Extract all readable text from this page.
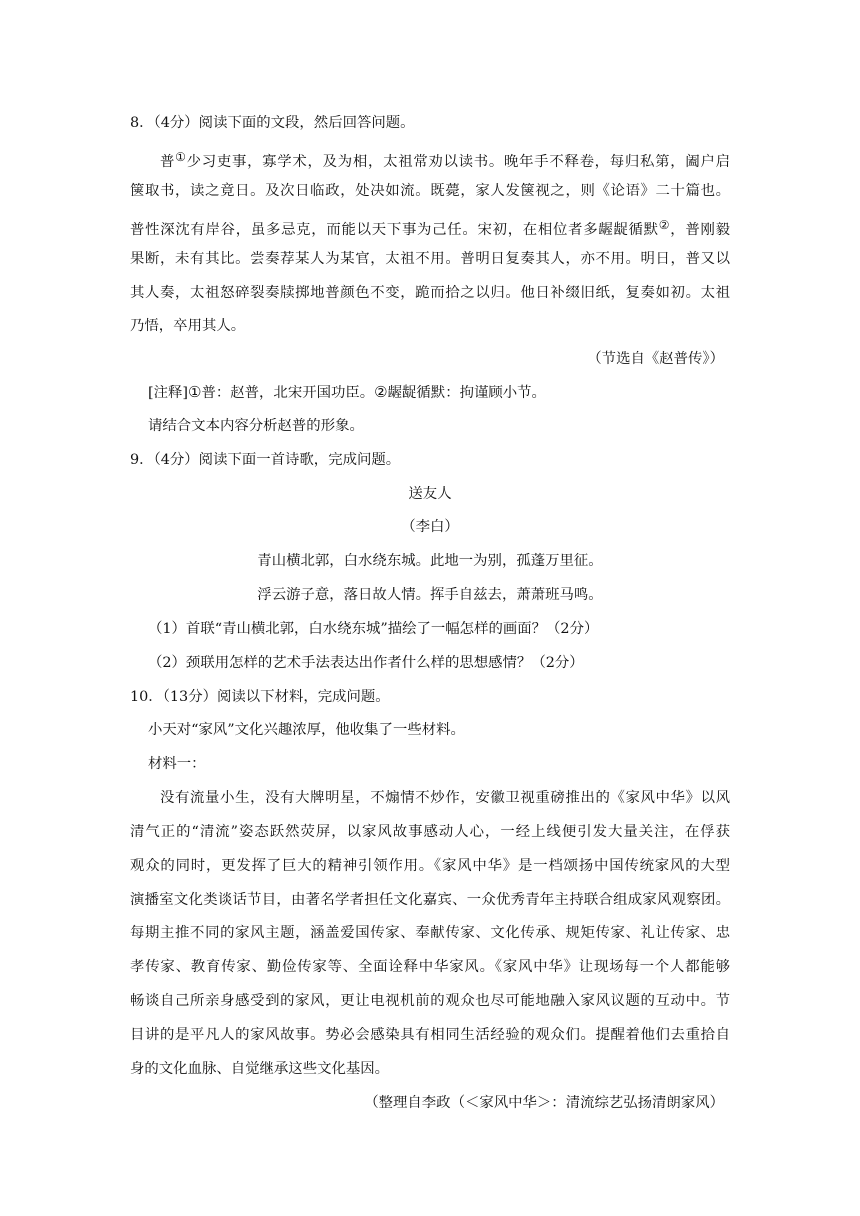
8．（4分）阅读下面的文段，然后回答问题。
普①少习吏事，寡学术，及为相，太祖常劝以读书。晚年手不释卷，每归私第，阖户启
箧取书，读之竟日。及次日临政，处决如流。既薨，家人发箧视之，则《论语》二十篇也。
普性深沈有岸谷，虽多忌克，而能以天下事为己任。宋初，在相位者多龌龊循默②，普刚毅
果断，未有其比。尝奏荐某人为某官，太祖不用。普明日复奏其人，亦不用。明日，普又以
其人奏，太祖怒碎裂奏牍掷地普颜色不变，跪而拾之以归。他日补缀旧纸，复奏如初。太祖
乃悟，卒用其人。
（节选自《赵普传》）
[注释]①普：赵普，北宋开国功臣。②龌龊循默：拘谨顾小节。
请结合文本内容分析赵普的形象。
9．（4分）阅读下面一首诗歌，完成问题。
送友人
（李白）
青山横北郭，白水绕东城。此地一为别，孤蓬万里征。
浮云游子意，落日故人情。挥手自兹去，萧萧班马鸣。
（1）首联“青山横北郭，白水绕东城”描绘了一幅怎样的画面？（2分）
（2）颈联用怎样的艺术手法表达出作者什么样的思想感情？（2分）
10．（13分）阅读以下材料，完成问题。
小天对“家风”文化兴趣浓厚，他收集了一些材料。
材料一：
没有流量小生，没有大牌明星，不煽情不炒作，安徽卫视重磅推出的《家风中华》以风
清气正的“清流”姿态跃然荧屏，以家风故事感动人心，一经上线便引发大量关注，在俘获
观众的同时，更发挥了巨大的精神引领作用。《家风中华》是一档颂扬中国传统家风的大型
演播室文化类谈话节目，由著名学者担任文化嘉宾、一众优秀青年主持联合组成家风观察团。
每期主推不同的家风主题，涵盖爱国传家、奉献传家、文化传承、规矩传家、礼让传家、忠
孝传家、教育传家、勤俭传家等、全面诠释中华家风。《家风中华》让现场每一个人都能够
畅谈自己所亲身感受到的家风，更让电视机前的观众也尽可能地融入家风议题的互动中。节
目讲的是平凡人的家风故事。势必会感染具有相同生活经验的观众们。提醒着他们去重拾自
身的文化血脉、自觉继承这些文化基因。
（整理自李政（＜家风中华＞：清流综艺弘扬清朗家风）
